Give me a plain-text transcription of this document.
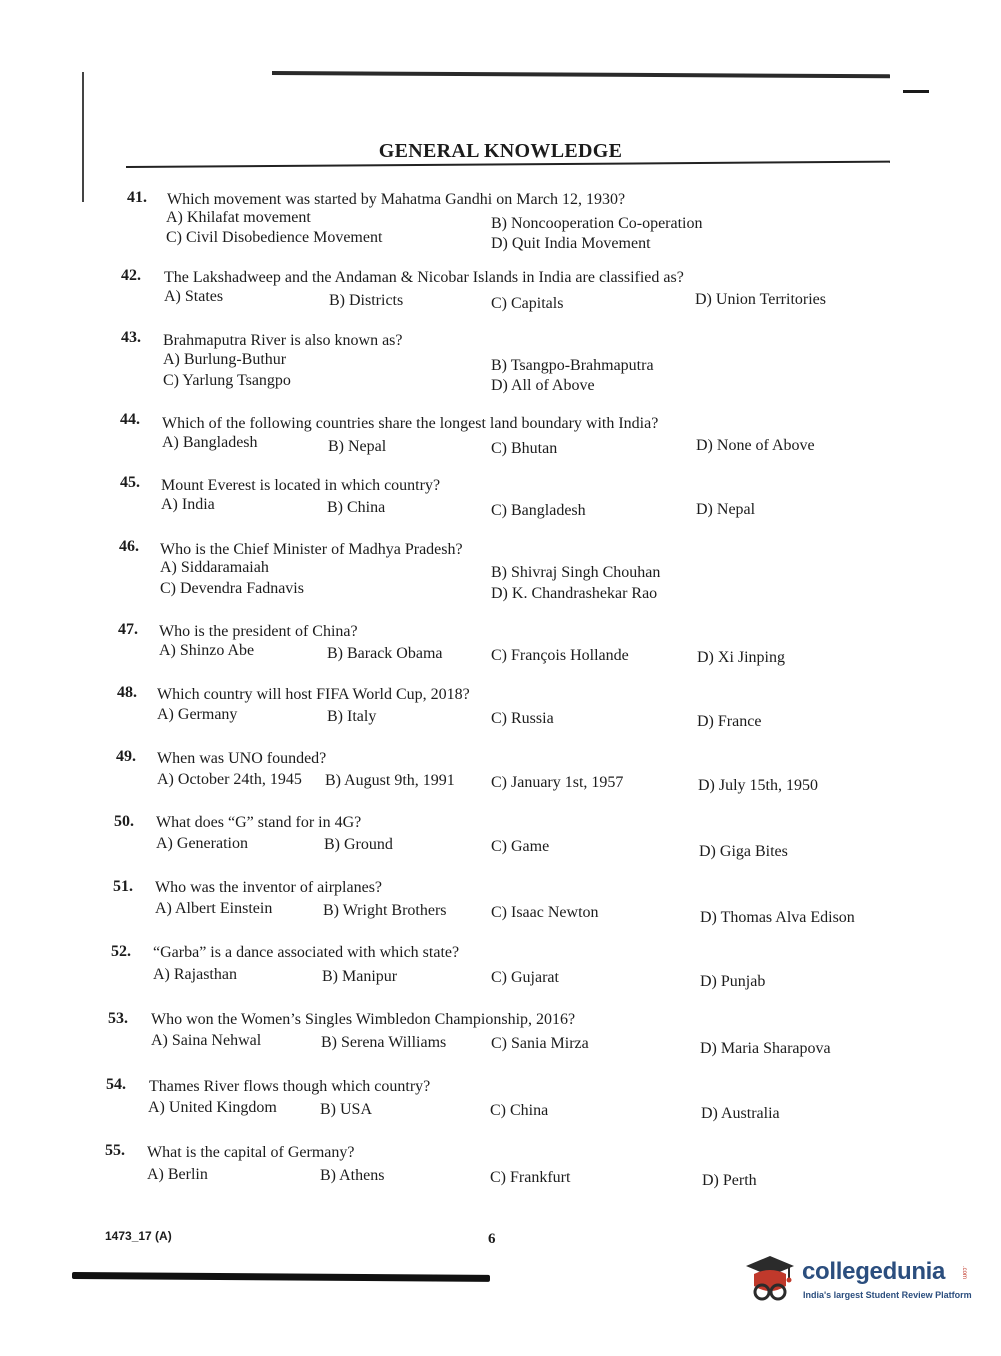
GENERAL KNOWLEDGE
41. Which movement was started by Mahatma Gandhi on March 12, 1930?
A) Khilafat movement	B) Noncooperation Co-operation
C) Civil Disobedience Movement	D) Quit India Movement
42. The Lakshadweep and the Andaman & Nicobar Islands in India are classified as?
A) States	B) Districts	C) Capitals	D) Union Territories
43. Brahmaputra River is also known as?
A) Burlung-Buthur	B) Tsangpo-Brahmaputra
C) Yarlung Tsangpo	D) All of Above
44. Which of the following countries share the longest land boundary with India?
A) Bangladesh	B) Nepal	C) Bhutan	D) None of Above
45. Mount Everest is located in which country?
A) India	B) China	C) Bangladesh	D) Nepal
46. Who is the Chief Minister of Madhya Pradesh?
A) Siddaramaiah	B) Shivraj Singh Chouhan
C) Devendra Fadnavis	D) K. Chandrashekar Rao
47. Who is the president of China?
A) Shinzo Abe	B) Barack Obama	C) François Hollande	D) Xi Jinping
48. Which country will host FIFA World Cup, 2018?
A) Germany	B) Italy	C) Russia	D) France
49. When was UNO founded?
A) October 24th, 1945 B) August 9th, 1991 C) January 1st, 1957	D) July 15th, 1950
50. What does “G” stand for in 4G?
A) Generation	B) Ground	C) Game	D) Giga Bites
51. Who was the inventor of airplanes?
A) Albert Einstein	B) Wright Brothers	C) Isaac Newton	D) Thomas Alva Edison
52. “Garba” is a dance associated with which state?
A) Rajasthan	B) Manipur	C) Gujarat	D) Punjab
53. Who won the Women’s Singles Wimbledon Championship, 2016?
A) Saina Nehwal	B) Serena Williams	C) Sania Mirza	D) Maria Sharapova
54. Thames River flows though which country?
A) United Kingdom	B) USA	C) China	D) Australia
55. What is the capital of Germany?
A) Berlin	B) Athens	C) Frankfurt	D) Perth
1473_17 (A)	6
collegedunia	.com
India's largest Student Review Platform
